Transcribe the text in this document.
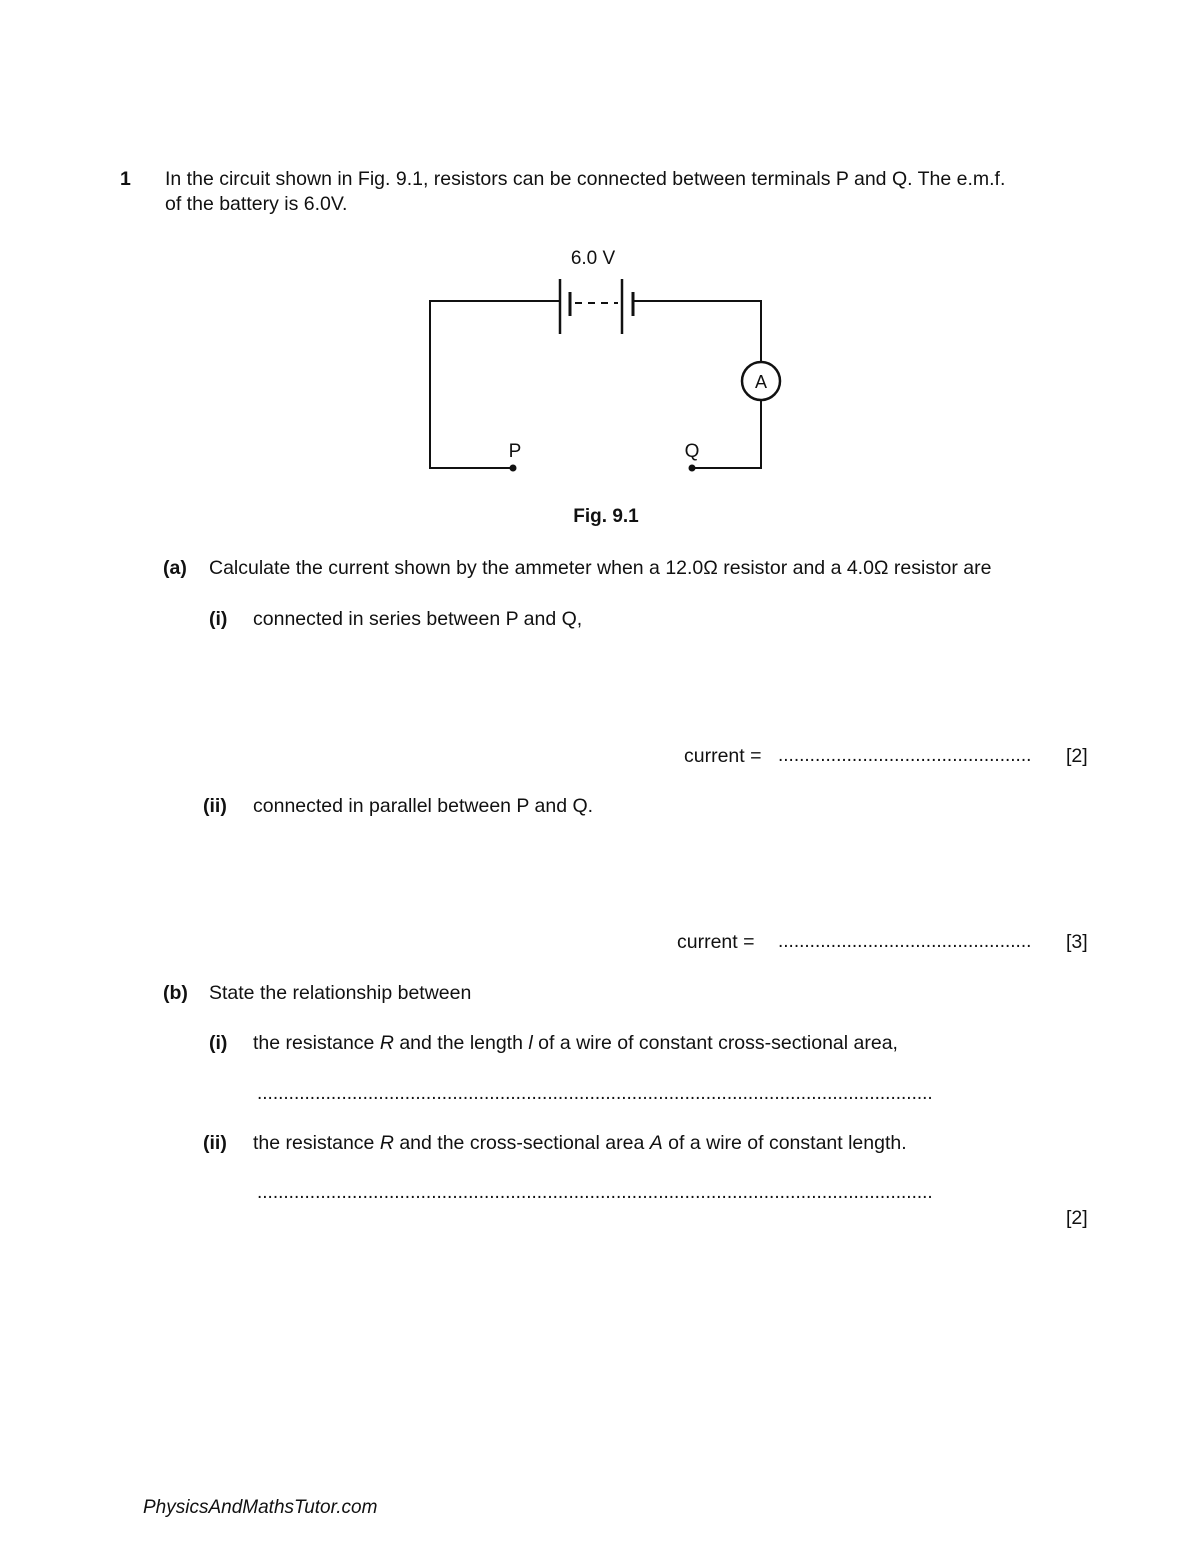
1 In the circuit shown in Fig. 9.1, resistors can be connected between terminals P and Q. The e.m.f.
of the battery is 6.0V.
6.0 V
A
P	Q
Fig. 9.1
(a) Calculate the current shown by the ammeter when a 12.0Ω resistor and a 4.0Ω resistor are
(i) connected in series between P and Q,
current = ................................................	[2]
(ii) connected in parallel between P and Q.
current = ................................................	[3]
(b) State the relationship between
(i) the resistance R and the length l of a wire of constant cross-sectional area,
................................................................................................................................
(ii) the resistance R and the cross-sectional area A of a wire of constant length.
................................................................................................................................
[2]
PhysicsAndMathsTutor.com
